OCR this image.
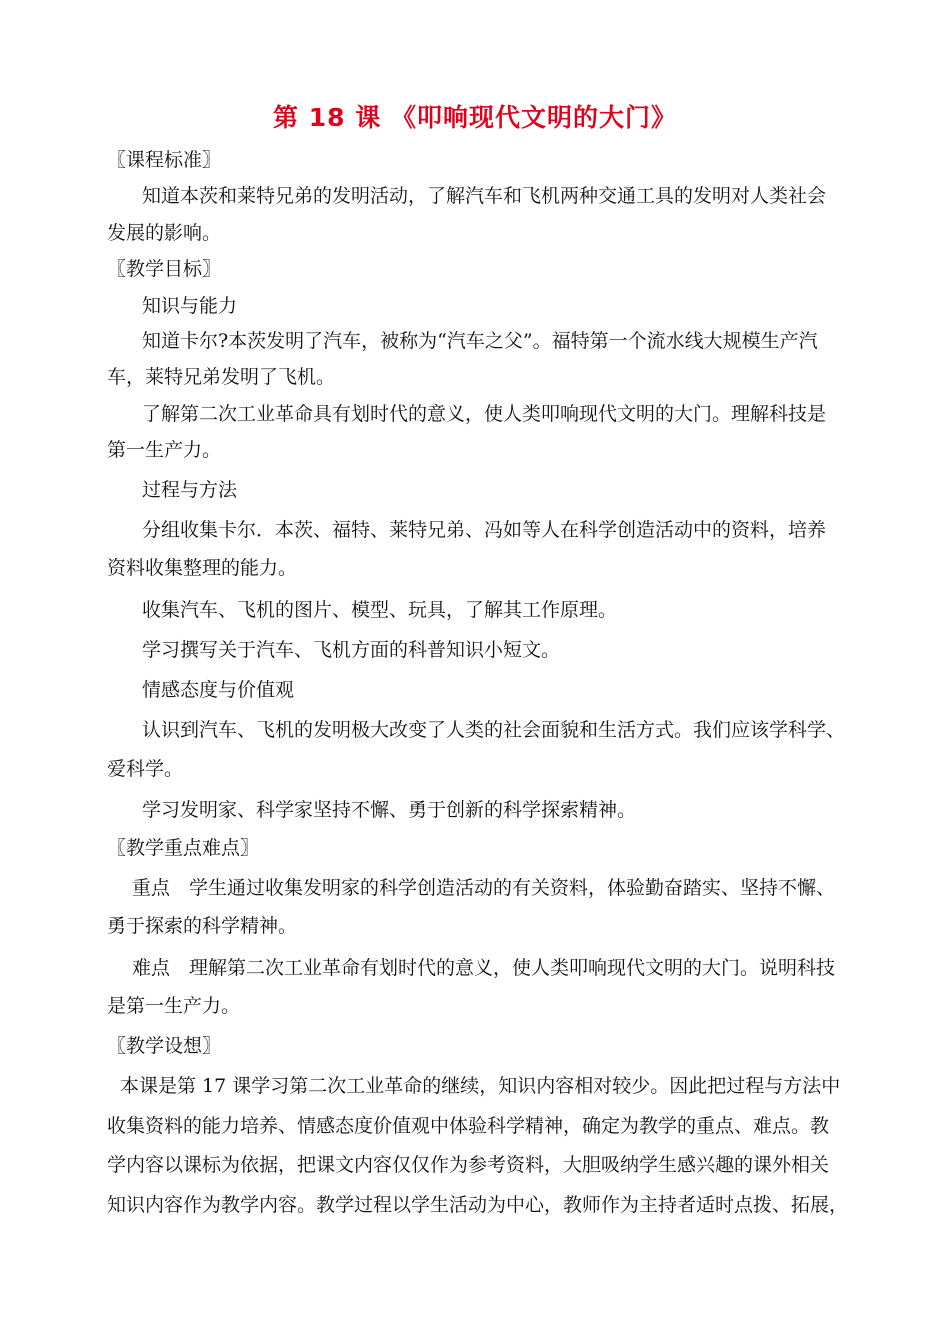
第 18 课 《叩响现代文明的大门》
〖课程标准〗
知道本茨和莱特兄弟的发明活动，了解汽车和飞机两种交通工具的发明对人类社会
发展的影响。
〖教学目标〗
知识与能力
知道卡尔?本茨发明了汽车，被称为“汽车之父”。福特第一个流水线大规模生产汽
车，莱特兄弟发明了飞机。
了解第二次工业革命具有划时代的意义，使人类叩响现代文明的大门。理解科技是
第一生产力。
过程与方法
分组收集卡尔．本茨、福特、莱特兄弟、冯如等人在科学创造活动中的资料，培养
资料收集整理的能力。
收集汽车、飞机的图片、模型、玩具，了解其工作原理。
学习撰写关于汽车、飞机方面的科普知识小短文。
情感态度与价值观
认识到汽车、飞机的发明极大改变了人类的社会面貌和生活方式。我们应该学科学、
爱科学。
学习发明家、科学家坚持不懈、勇于创新的科学探索精神。
〖教学重点难点〗
重点　学生通过收集发明家的科学创造活动的有关资料，体验勤奋踏实、坚持不懈、
勇于探索的科学精神。
难点　理解第二次工业革命有划时代的意义，使人类叩响现代文明的大门。说明科技
是第一生产力。
〖教学设想〗
本课是第 17 课学习第二次工业革命的继续，知识内容相对较少。因此把过程与方法中
收集资料的能力培养、情感态度价值观中体验科学精神，确定为教学的重点、难点。教
学内容以课标为依据，把课文内容仅仅作为参考资料，大胆吸纳学生感兴趣的课外相关
知识内容作为教学内容。教学过程以学生活动为中心，教师作为主持者适时点拨、拓展，
